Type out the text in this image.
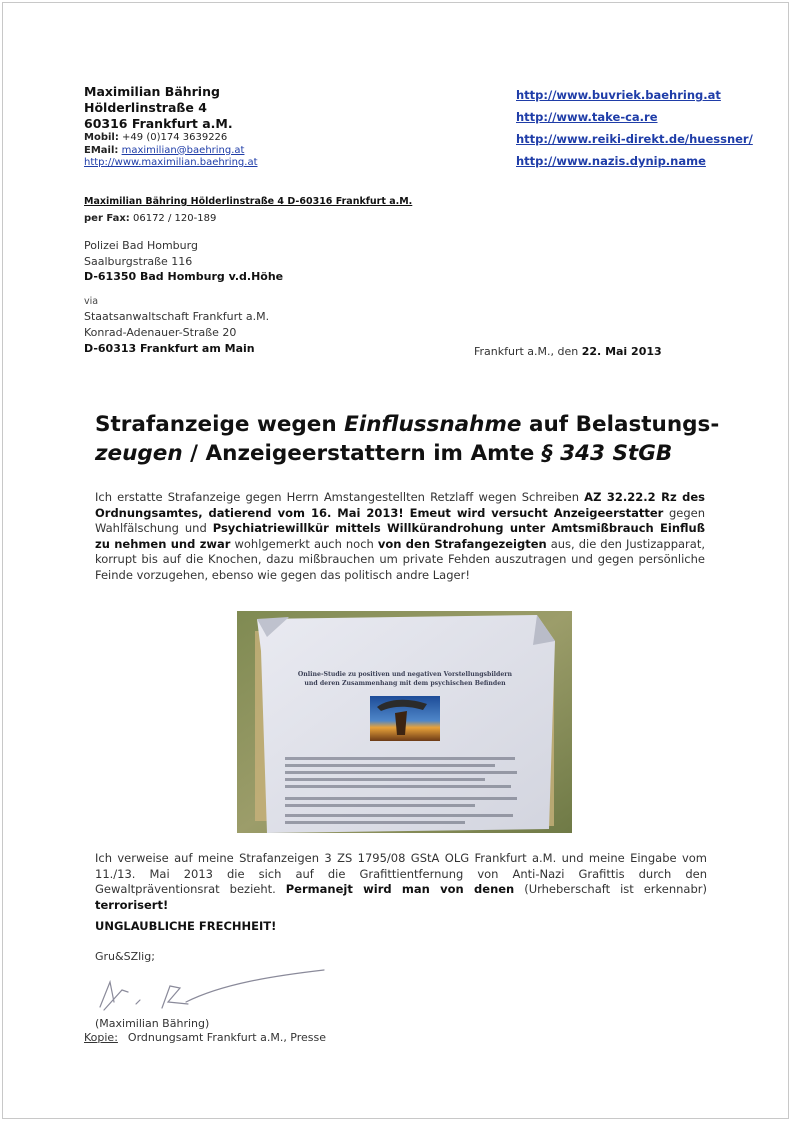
Maximilian Bähring
Hölderlinstraße 4
60316 Frankfurt a.M.
Mobil: +49 (0)174 3639226
EMail: maximilian@baehring.at
http://www.maximilian.baehring.at
http://www.buvriek.baehring.at
http://www.take-ca.re
http://www.reiki-direkt.de/huessner/
http://www.nazis.dynip.name
Maximilian Bähring Hölderlinstraße 4 D-60316 Frankfurt a.M.
per Fax: 06172 / 120-189
Polizei Bad Homburg
Saalburgstraße 116
D-61350 Bad Homburg v.d.Höhe
via
Staatsanwaltschaft Frankfurt a.M.
Konrad-Adenauer-Straße 20
D-60313 Frankfurt am Main	Frankfurt a.M., den 22. Mai 2013
Strafanzeige wegen Einflussnahme auf Belastungs-
zeugen / Anzeigeerstattern im Amte § 343 StGB
Ich erstatte Strafanzeige gegen Herrn Amstangestellten Retzlaff wegen Schreiben AZ 32.22.2 Rz des Ordnungsamtes, datierend vom 16. Mai 2013! Emeut wird versucht Anzeigeerstatter gegen Wahlfälschung und Psychiatriewillkür mittels Willkürandrohung unter Amtsmißbrauch Einfluß zu nehmen und zwar wohlgemerkt auch noch von den Strafangezeigten aus, die den Justizapparat, korrupt bis auf die Knochen, dazu mißbrauchen um private Fehden auszutragen und gegen persönliche Feinde vorzugehen, ebenso wie gegen das politisch andre Lager!
Online-Studie zu positiven und negativen Vorstellungsbildern
und deren Zusammenhang mit dem psychischen Befinden
Ich verweise auf meine Strafanzeigen 3 ZS 1795/08 GStA OLG Frankfurt a.M. und meine Eingabe vom 11./13. Mai 2013 die sich auf die Grafittientfernung von Anti-Nazi Grafittis durch den Gewaltpräventionsrat bezieht. Permanejt wird man von denen (Urheberschaft ist erkennabr) terrorisert!
UNGLAUBLICHE FRECHHEIT!
Gru&SZlig;
(Maximilian Bähring)
Kopie: Ordnungsamt Frankfurt a.M., Presse
